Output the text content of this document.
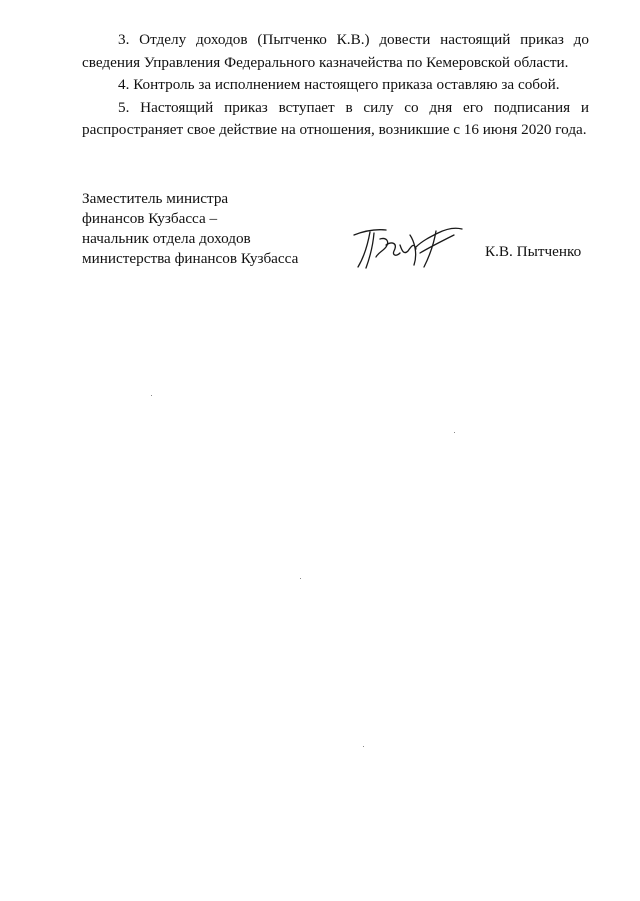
3. Отделу доходов (Пытченко К.В.) довести настоящий приказ до сведения Управления Федерального казначейства по Кемеровской области.

4. Контроль за исполнением настоящего приказа оставляю за собой.

5. Настоящий приказ вступает в силу со дня его подписания и распространяет свое действие на отношения, возникшие с 16 июня 2020 года.

Заместитель министра
финансов Кузбасса –
начальник отдела доходов
министерства финансов Кузбасса	К.В. Пытченко
